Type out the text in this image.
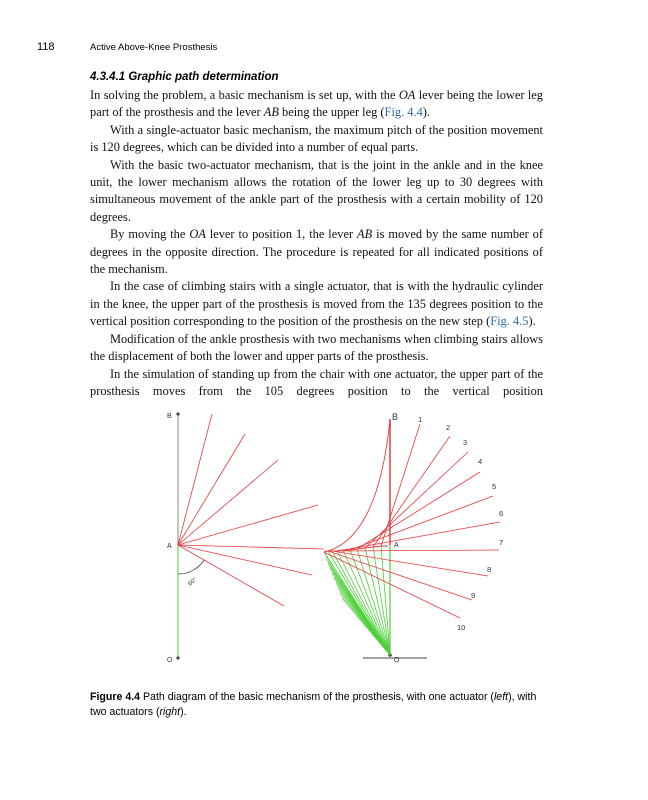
118	Active Above-Knee Prosthesis
4.3.4.1 Graphic path determination

In solving the problem, a basic mechanism is set up, with the OA lever being the lower leg part of the prosthesis and the lever AB being the upper leg (Fig. 4.4).

With a single-actuator basic mechanism, the maximum pitch of the position movement is 120 degrees, which can be divided into a number of equal parts.

With the basic two-actuator mechanism, that is the joint in the ankle and in the knee unit, the lower mechanism allows the rotation of the lower leg up to 30 degrees with simultaneous movement of the ankle part of the prosthesis with a certain mobility of 120 degrees.

By moving the OA lever to position 1, the lever AB is moved by the same number of degrees in the opposite direction. The procedure is repeated for all indicated positions of the mechanism.

In the case of climbing stairs with a single actuator, that is with the hydraulic cylinder in the knee, the upper part of the prosthesis is moved from the 135 degrees position to the vertical position corresponding to the position of the prosthesis on the new step (Fig. 4.5).

Modification of the ankle prosthesis with two mechanisms when climbing stairs allows the displacement of both the lower and upper parts of the prosthesis.

In the simulation of standing up from the chair with one actuator, the upper part of the prosthesis moves from the 105 degrees position to the vertical position

B
A
O
60°
1
2
3
4
5
6
7
8
9
10
B
A
O
Figure 4.4 Path diagram of the basic mechanism of the prosthesis, with one actuator (left), with two actuators (right).
